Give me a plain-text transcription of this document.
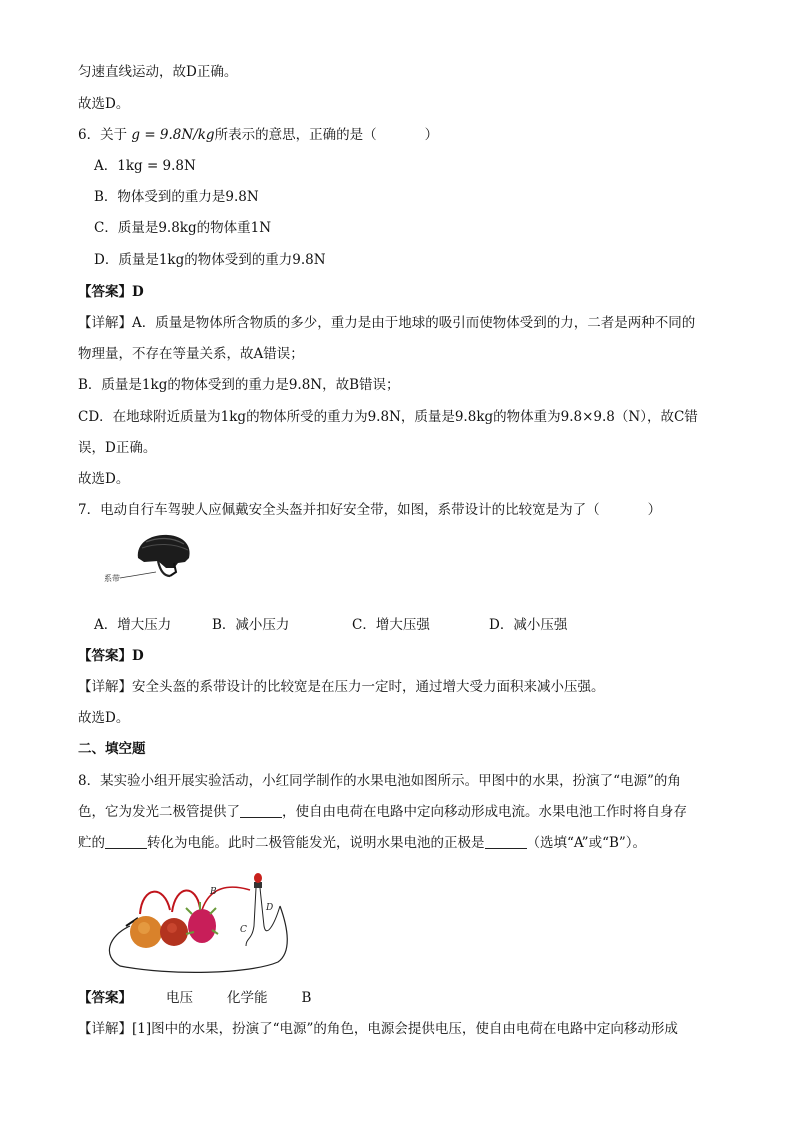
匀速直线运动，故D正确。
故选D。
6．关于 g = 9.8N/kg所表示的意思，正确的是（	）
A．1kg = 9.8N
B．物体受到的重力是9.8N
C．质量是9.8kg的物体重1N
D．质量是1kg的物体受到的重力9.8N
【答案】D
【详解】A．质量是物体所含物质的多少，重力是由于地球的吸引而使物体受到的力，二者是两种不同的
物理量，不存在等量关系，故A错误；
B．质量是1kg的物体受到的重力是9.8N，故B错误；
CD．在地球附近质量为1kg的物体所受的重力为9.8N，质量是9.8kg的物体重为9.8×9.8（N），故C错
误，D正确。
故选D。
7．电动自行车驾驶人应佩戴安全头盔并扣好安全带，如图，系带设计的比较宽是为了（	）
系带
A．增大压力	B．减小压力	C．增大压强	D．减小压强
【答案】D
【详解】安全头盔的系带设计的比较宽是在压力一定时，通过增大受力面积来减小压强。
故选D。
二、填空题
8．某实验小组开展实验活动，小红同学制作的水果电池如图所示。甲图中的水果，扮演了“电源”的角
色，它为发光二极管提供了	，使自由电荷在电路中定向移动形成电流。水果电池工作时将自身存
贮的	转化为电能。此时二极管能发光，说明水果电池的正极是	（选填“A”或“B”）。
B
C
D
【答案】	电压	化学能	B
【详解】[1]图中的水果，扮演了“电源”的角色，电源会提供电压，使自由电荷在电路中定向移动形成
